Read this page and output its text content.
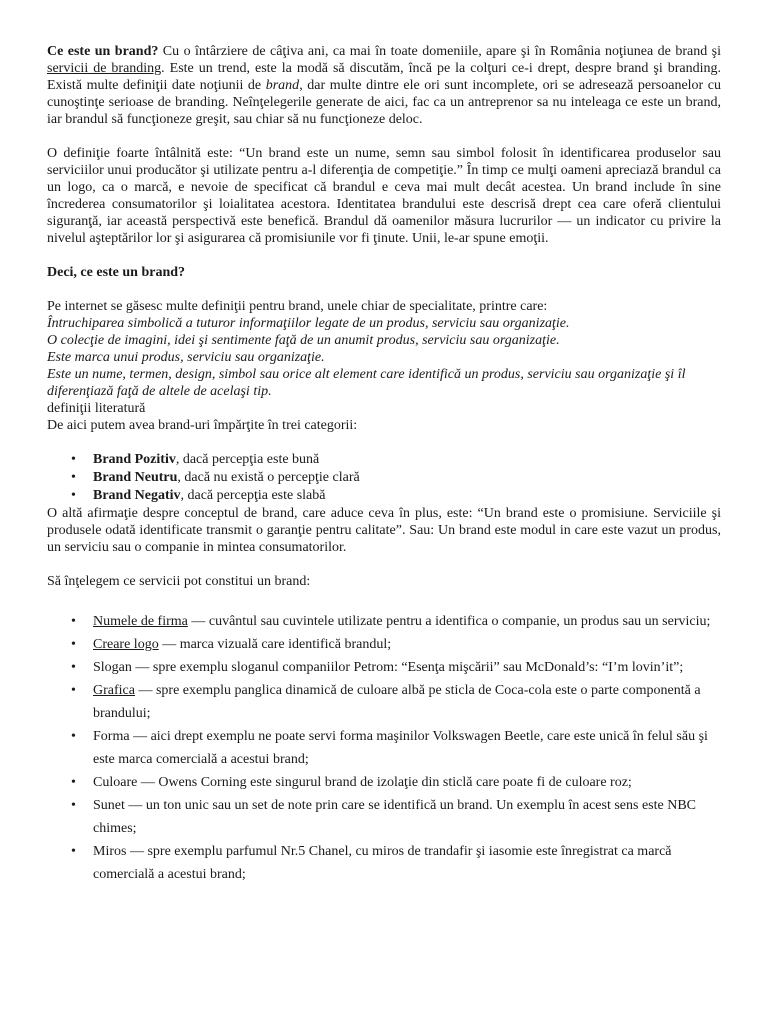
Ce este un brand? Cu o întârziere de câţiva ani, ca mai în toate domeniile, apare şi în România noţiunea de brand şi servicii de branding. Este un trend, este la modă să discutăm, încă pe la colţuri ce-i drept, despre brand şi branding. Există multe definiţii date noţiunii de brand, dar multe dintre ele ori sunt incomplete, ori se adresează persoanelor cu cunoştinţe serioase de branding. Neînţelegerile generate de aici, fac ca un antreprenor sa nu inteleaga ce este un brand, iar brandul să funcţioneze greşit, sau chiar să nu funcţioneze deloc.

O definiţie foarte întâlnită este: “Un brand este un nume, semn sau simbol folosit în identificarea produselor sau serviciilor unui producător şi utilizate pentru a-l diferenţia de competiţie.” În timp ce mulţi oameni apreciază brandul ca un logo, ca o marcă, e nevoie de specificat că brandul e ceva mai mult decât acestea. Un brand include în sine încrederea consumatorilor şi loialitatea acestora. Identitatea brandului este descrisă drept cea care oferă clientului siguranţă, iar această perspectivă este benefică. Brandul dă oamenilor măsura lucrurilor — un indicator cu privire la nivelul aşteptărilor lor şi asigurarea că promisiunile vor fi ţinute. Unii, le-ar spune emoţii.

Deci, ce este un brand?

Pe internet se găsesc multe definiţii pentru brand, unele chiar de specialitate, printre care:

Întruchiparea simbolică a tuturor informaţiilor legate de un produs, serviciu sau organizaţie.

O colecţie de imagini, idei şi sentimente faţă de un anumit produs, serviciu sau organizaţie.

Este marca unui produs, serviciu sau organizaţie.

Este un nume, termen, design, simbol sau orice alt element care identifică un produs, serviciu sau organizaţie şi îl diferenţiază faţă de altele de acelaşi tip.

definiţii literatură

De aici putem avea brand-uri împărţite în trei categorii:

• Brand Pozitiv, dacă percepţia este bună
• Brand Neutru, dacă nu există o percepţie clară
• Brand Negativ, dacă percepţia este slabă

O altă afirmaţie despre conceptul de brand, care aduce ceva în plus, este: “Un brand este o promisiune. Serviciile şi produsele odată identificate transmit o garanţie pentru calitate”. Sau: Un brand este modul in care este vazut un produs, un serviciu sau o companie in mintea consumatorilor.

Să înţelegem ce servicii pot constitui un brand:

• Numele de firma — cuvântul sau cuvintele utilizate pentru a identifica o companie, un produs sau un serviciu;
• Creare logo — marca vizuală care identifică brandul;
• Slogan — spre exemplu sloganul companiilor Petrom: “Esenţa mişcării” sau McDonald’s: “I’m lovin’it”;
• Grafica — spre exemplu panglica dinamică de culoare albă pe sticla de Coca-cola este o parte componentă a brandului;
• Forma — aici drept exemplu ne poate servi forma maşinilor Volkswagen Beetle, care este unică în felul său şi este marca comercială a acestui brand;
• Culoare — Owens Corning este singurul brand de izolaţie din sticlă care poate fi de culoare roz;
• Sunet — un ton unic sau un set de note prin care se identifică un brand. Un exemplu în acest sens este NBC chimes;
• Miros — spre exemplu parfumul Nr.5 Chanel, cu miros de trandafir şi iasomie este înregistrat ca marcă comercială a acestui brand;
